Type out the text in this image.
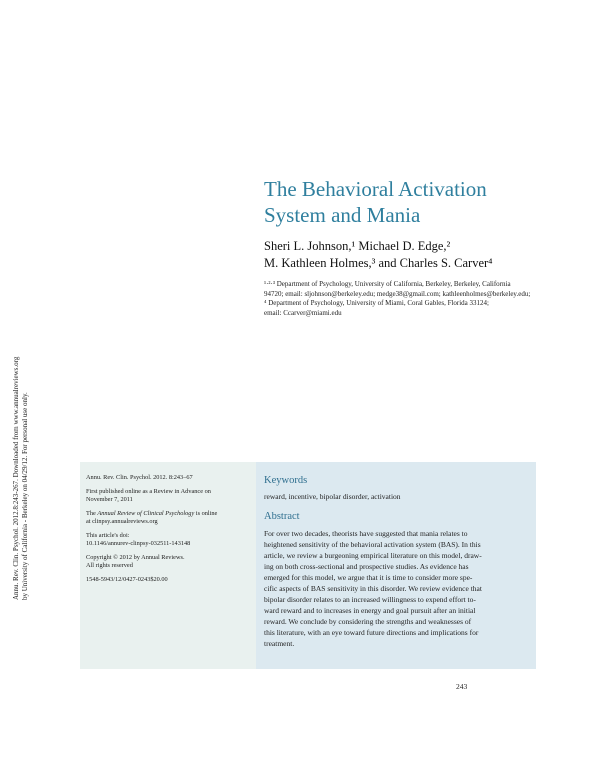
Annu. Rev. Clin. Psychol. 2012.8:243-267. Downloaded from www.annualreviews.org by University of California - Berkeley on 04/29/12. For personal use only.
The Behavioral Activation
System and Mania
Sheri L. Johnson,¹ Michael D. Edge,²
M. Kathleen Holmes,³ and Charles S. Carver⁴
¹·²·³ Department of Psychology, University of California, Berkeley, Berkeley, California
94720; email: sljohnson@berkeley.edu; medge38@gmail.com; kathleenholmes@berkeley.edu;
⁴ Department of Psychology, University of Miami, Coral Gables, Florida 33124;
email: Ccarver@miami.edu

Annu. Rev. Clin. Psychol. 2012. 8:243–67

First published online as a Review in Advance on
November 7, 2011

The Annual Review of Clinical Psychology is online
at clinpsy.annualreviews.org

This article's doi:
10.1146/annurev-clinpsy-032511-143148

Copyright © 2012 by Annual Reviews.
All rights reserved

1548-5943/12/0427-0243$20.00

Keywords
reward, incentive, bipolar disorder, activation
Abstract
For over two decades, theorists have suggested that mania relates to
heightened sensitivity of the behavioral activation system (BAS). In this
article, we review a burgeoning empirical literature on this model, draw-
ing on both cross-sectional and prospective studies. As evidence has
emerged for this model, we argue that it is time to consider more spe-
cific aspects of BAS sensitivity in this disorder. We review evidence that
bipolar disorder relates to an increased willingness to expend effort to-
ward reward and to increases in energy and goal pursuit after an initial
reward. We conclude by considering the strengths and weaknesses of
this literature, with an eye toward future directions and implications for
treatment.
243
